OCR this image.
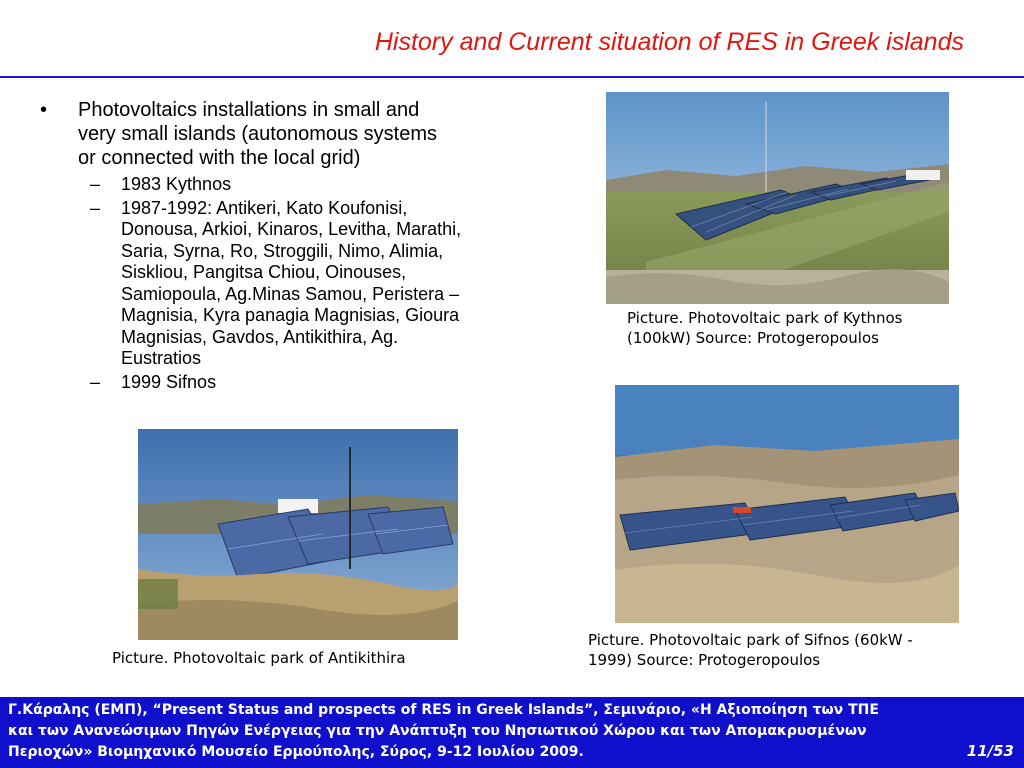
History and Current situation of RES in Greek islands
• Photovoltaics installations in small and
very small islands (autonomous systems
or connected with the local grid)
– 1983 Kythnos
– 1987-1992: Antikeri, Kato Koufonisi,
Donousa, Arkioi, Kinaros, Levitha, Marathi,
Saria, Syrna, Ro, Stroggili, Nimo, Alimia,
Siskliou, Pangitsa Chiou, Oinouses,
Samiopoula, Ag.Minas Samou, Peristera –
Magnisia, Kyra panagia Magnisias, Gioura
Magnisias, Gavdos, Antikithira, Ag.
Eustratios
– 1999 Sifnos
Picture. Photovoltaic park of Kythnos
(100kW) Source: Protogeropoulos
Picture. Photovoltaic park of Sifnos (60kW -
1999) Source: Protogeropoulos
Picture. Photovoltaic park of Antikithira

Γ.Κάραλης (ΕΜΠ), “Present Status and prospects of RES in Greek Islands”, Σεμινάριο, «Η Αξιοποίηση των ΤΠΕ

και των Ανανεώσιμων Πηγών Ενέργειας για την Ανάπτυξη του Νησιωτικού Χώρου και των Απομακρυσμένων

Περιοχών» Βιομηχανικό Μουσείο Ερμούπολης, Σύρος, 9-12 Ιουλίου 2009.	11/53
